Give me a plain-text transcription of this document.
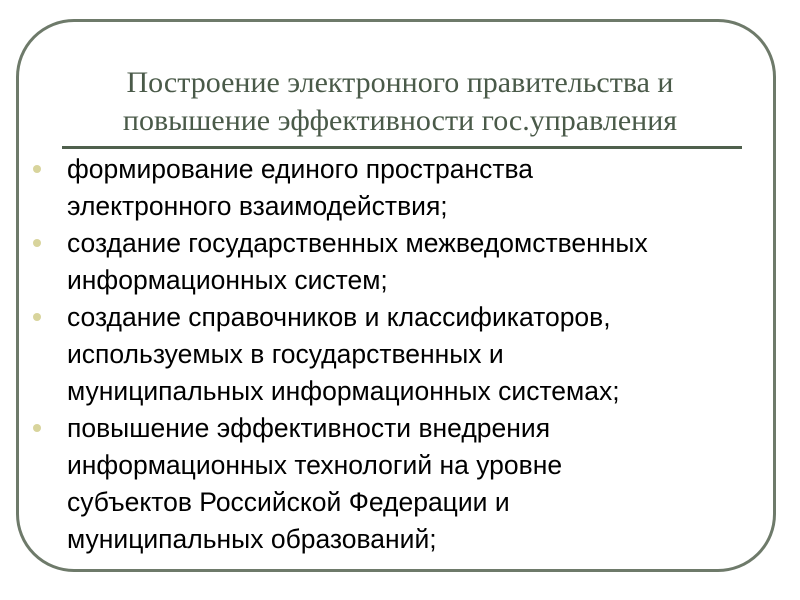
Построение электронного правительства и
повышение эффективности гос.управления
формирование единого пространства
электронного взаимодействия;
создание государственных межведомственных
информационных систем;
создание справочников и классификаторов,
используемых в государственных и
муниципальных информационных системах;
повышение эффективности внедрения
информационных технологий на уровне
субъектов Российской Федерации и
муниципальных образований;
